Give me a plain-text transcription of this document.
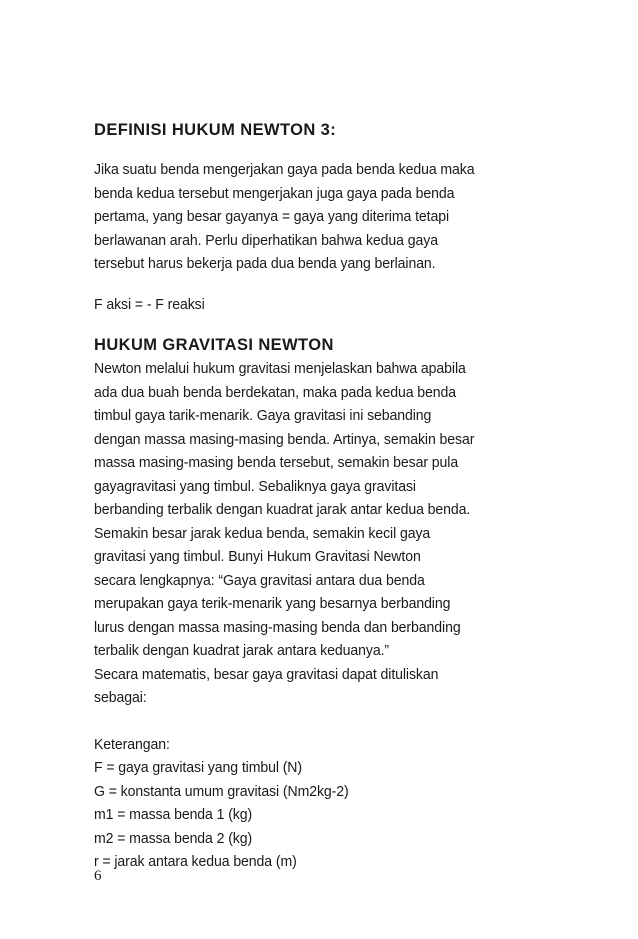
DEFINISI HUKUM NEWTON 3:

Jika suatu benda mengerjakan gaya pada benda kedua maka
benda kedua tersebut mengerjakan juga gaya pada benda
pertama, yang besar gayanya = gaya yang diterima tetapi
berlawanan arah. Perlu diperhatikan bahwa kedua gaya
tersebut harus bekerja pada dua benda yang berlainan.

F aksi = - F reaksi

HUKUM GRAVITASI NEWTON

Newton melalui hukum gravitasi menjelaskan bahwa apabila
ada dua buah benda berdekatan, maka pada kedua benda
timbul gaya tarik-menarik. Gaya gravitasi ini sebanding
dengan massa masing-masing benda. Artinya, semakin besar
massa masing-masing benda tersebut, semakin besar pula
gayagravitasi yang timbul. Sebaliknya gaya gravitasi
berbanding terbalik dengan kuadrat jarak antar kedua benda.
Semakin besar jarak kedua benda, semakin kecil gaya
gravitasi yang timbul. Bunyi Hukum Gravitasi Newton
secara lengkapnya: “Gaya gravitasi antara dua benda
merupakan gaya terik-menarik yang besarnya berbanding
lurus dengan massa masing-masing benda dan berbanding
terbalik dengan kuadrat jarak antara keduanya.”
Secara matematis, besar gaya gravitasi dapat dituliskan
sebagai:

Keterangan:
F = gaya gravitasi yang timbul (N)
G = konstanta umum gravitasi (Nm2kg-2)
m1 = massa benda 1 (kg)
m2 = massa benda 2 (kg)
r = jarak antara kedua benda (m)
6
